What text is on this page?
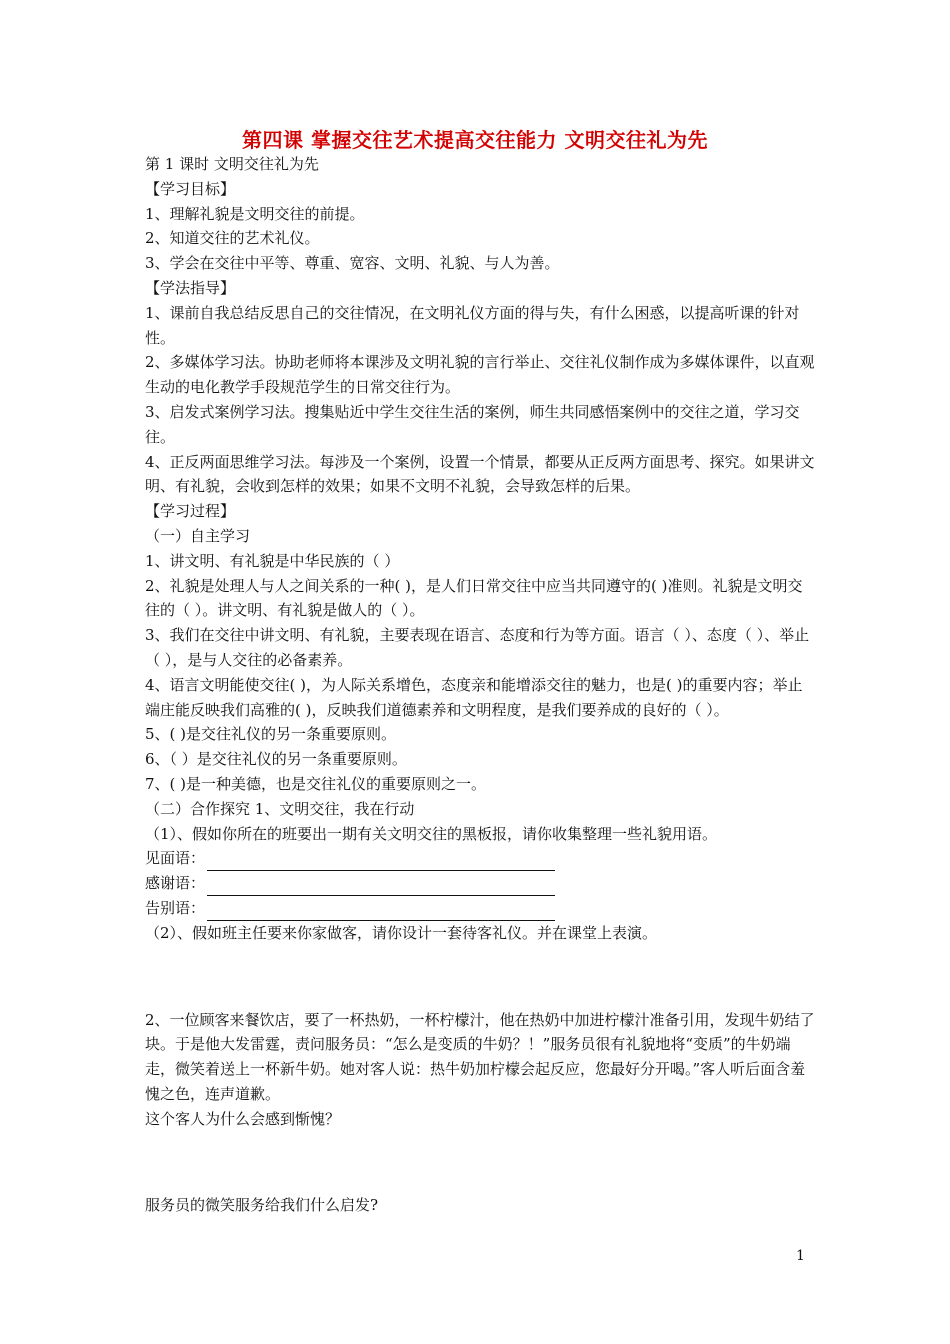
第四课 掌握交往艺术提高交往能力 文明交往礼为先

第 1 课时 文明交往礼为先

【学习目标】

1、理解礼貌是文明交往的前提。

2、知道交往的艺术礼仪。

3、学会在交往中平等、尊重、宽容、文明、礼貌、与人为善。

【学法指导】

1、课前自我总结反思自己的交往情况，在文明礼仪方面的得与失，有什么困惑，以提高听课的针对性。

2、多媒体学习法。协助老师将本课涉及文明礼貌的言行举止、交往礼仪制作成为多媒体课件，以直观生动的电化教学手段规范学生的日常交往行为。

3、启发式案例学习法。搜集贴近中学生交往生活的案例，师生共同感悟案例中的交往之道，学习交往。

4、正反两面思维学习法。每涉及一个案例，设置一个情景，都要从正反两方面思考、探究。如果讲文明、有礼貌，会收到怎样的效果；如果不文明不礼貌，会导致怎样的后果。

【学习过程】

（一）自主学习

1、讲文明、有礼貌是中华民族的（ ）

2、礼貌是处理人与人之间关系的一种( )，是人们日常交往中应当共同遵守的( )准则。礼貌是文明交往的（ ）。讲文明、有礼貌是做人的（ ）。

3、我们在交往中讲文明、有礼貌，主要表现在语言、态度和行为等方面。语言（ ）、态度（ ）、举止（ ），是与人交往的必备素养。

4、语言文明能使交往( )，为人际关系增色，态度亲和能增添交往的魅力，也是( )的重要内容；举止端庄能反映我们高雅的( )，反映我们道德素养和文明程度，是我们要养成的良好的（ ）。

5、( )是交往礼仪的另一条重要原则。

6、（ ）是交往礼仪的另一条重要原则。

7、( )是一种美德，也是交往礼仪的重要原则之一。

（二）合作探究 1、文明交往，我在行动

（1）、假如你所在的班要出一期有关文明交往的黑板报，请你收集整理一些礼貌用语。

见面语：
感谢语：
告别语：

（2）、假如班主任要来你家做客，请你设计一套待客礼仪。并在课堂上表演。

2、一位顾客来餐饮店，要了一杯热奶，一杯柠檬汁，他在热奶中加进柠檬汁准备引用，发现牛奶结了块。于是他大发雷霆，责问服务员：“怎么是变质的牛奶？！”服务员很有礼貌地将“变质”的牛奶端走，微笑着送上一杯新牛奶。她对客人说：热牛奶加柠檬会起反应，您最好分开喝。”客人听后面含羞愧之色，连声道歉。

这个客人为什么会感到惭愧？

服务员的微笑服务给我们什么启发?

1
